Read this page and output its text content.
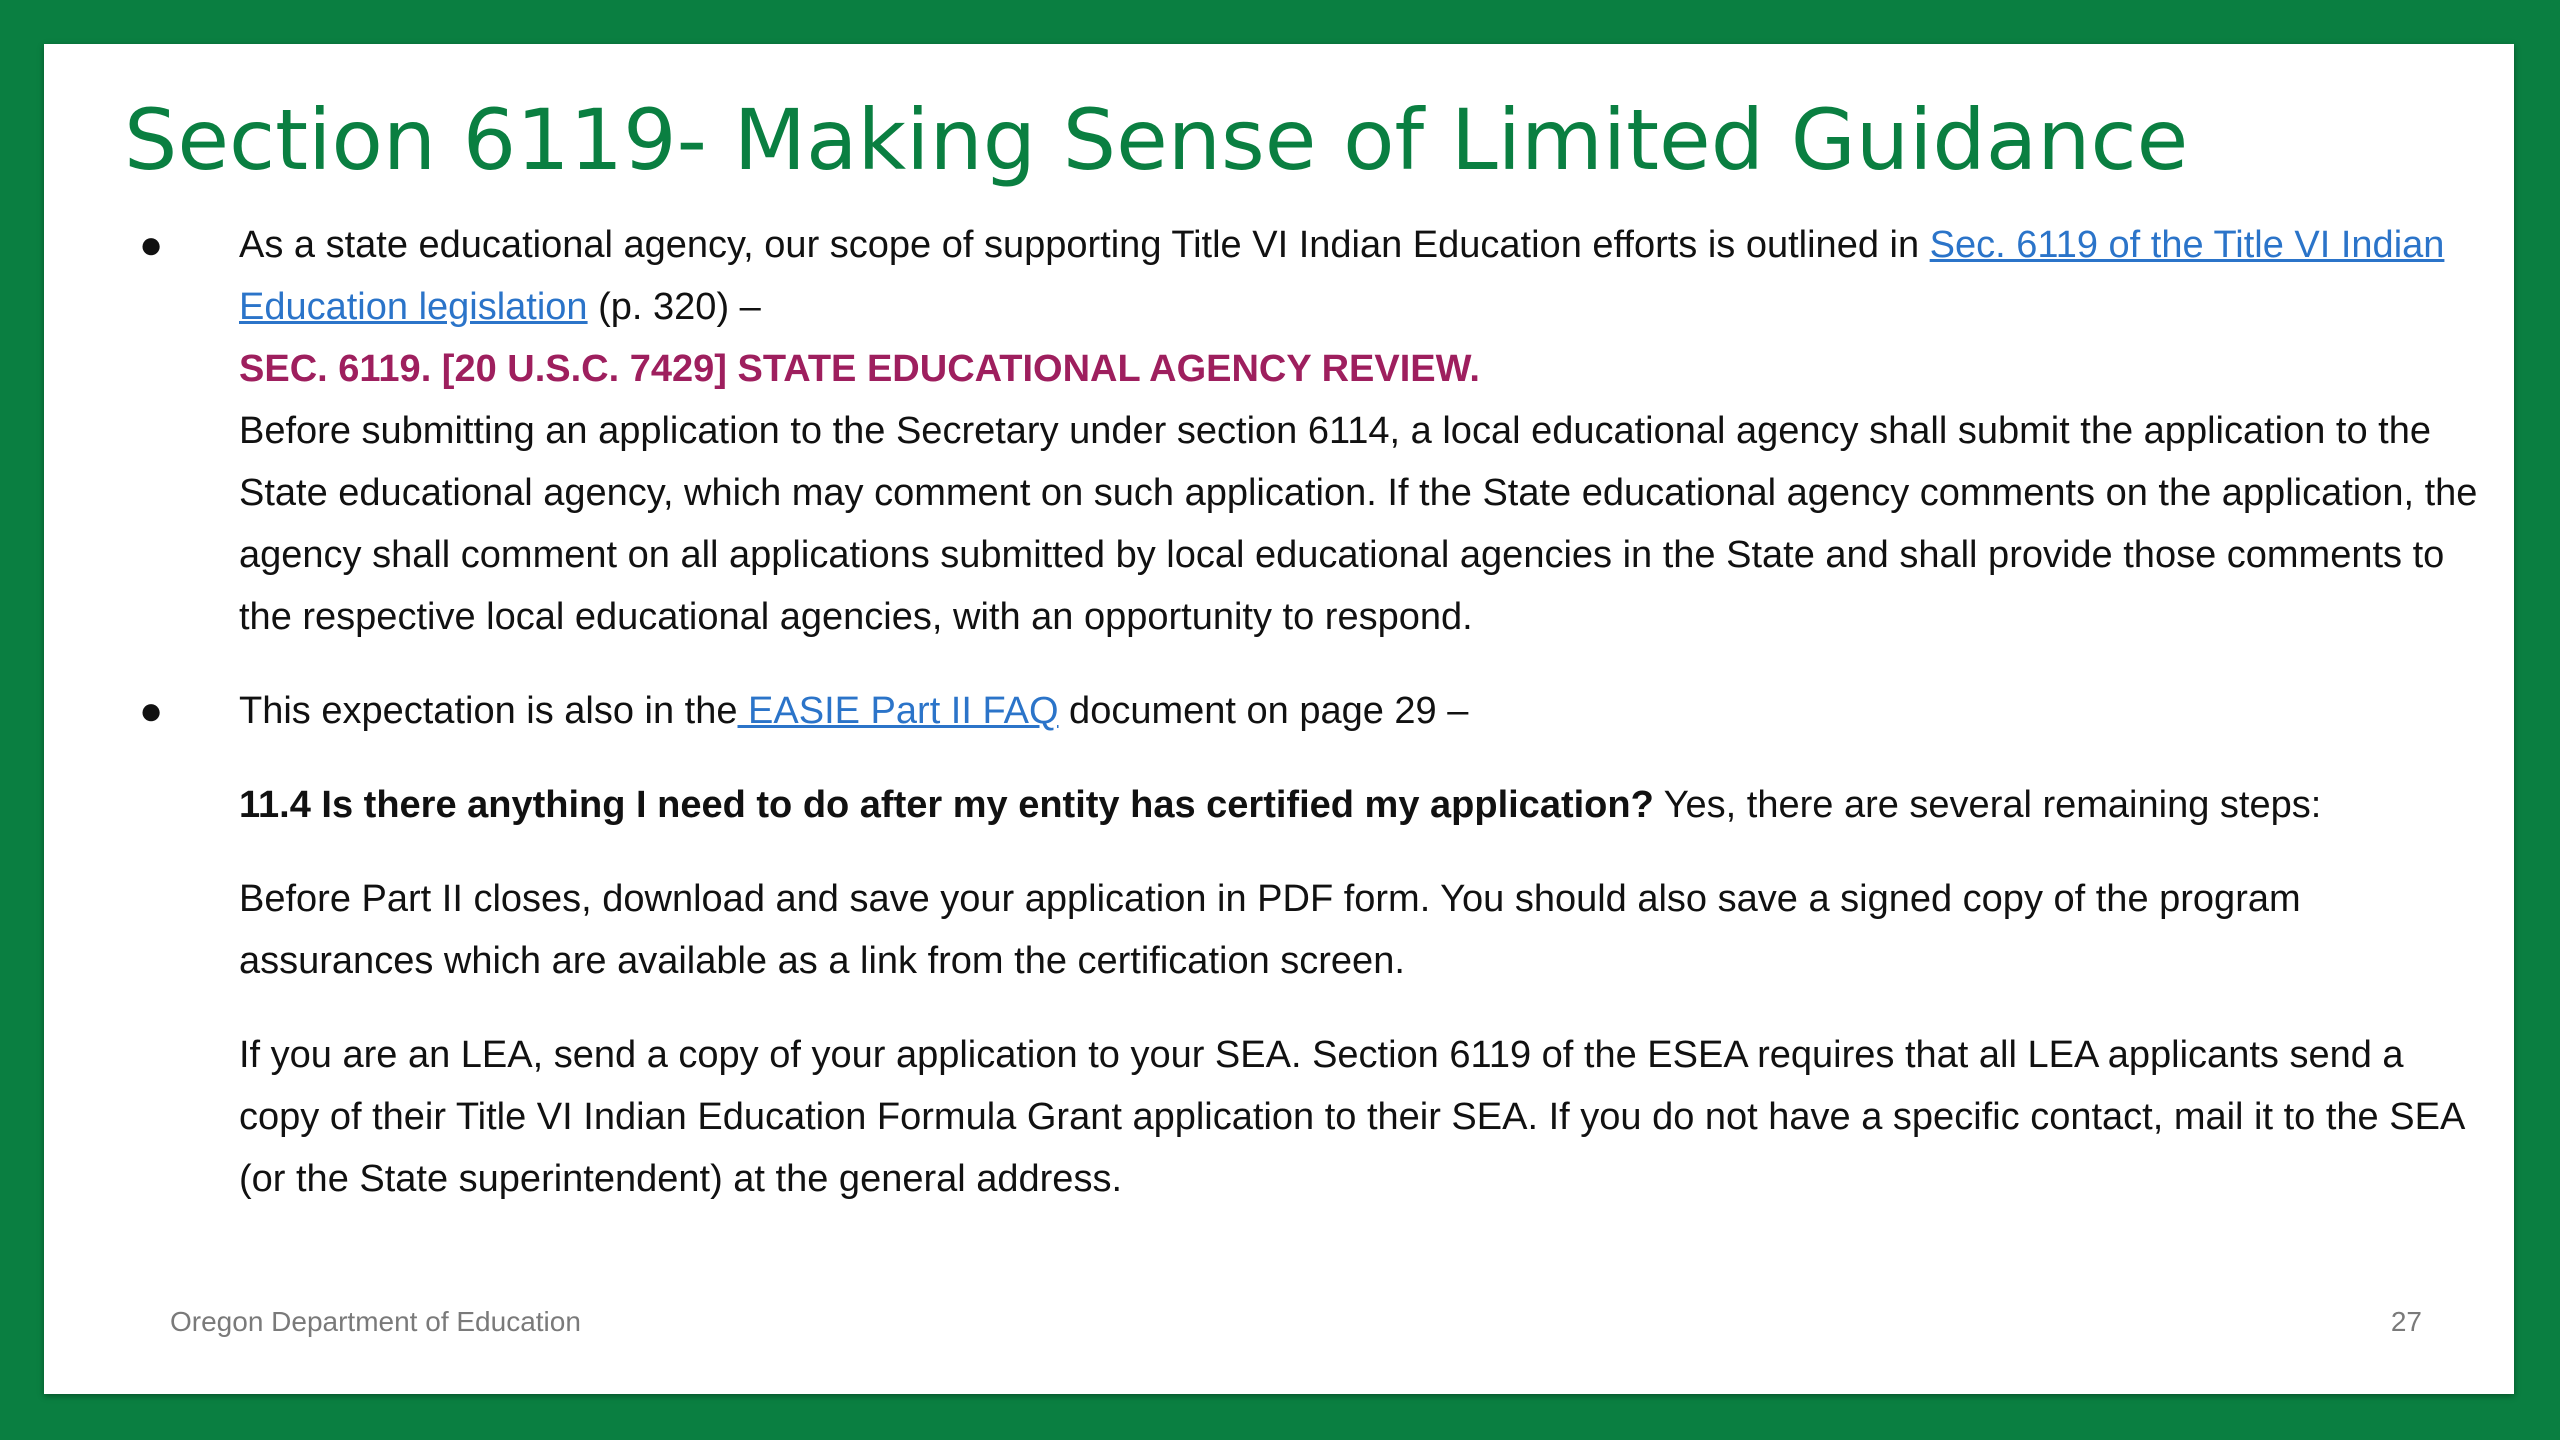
Section 6119- Making Sense of Limited Guidance
●	As a state educational agency, our scope of supporting Title VI Indian Education efforts is outlined in Sec. 6119 of the Title VI Indian Education legislation (p. 320) –

SEC. 6119. [20 U.S.C. 7429] STATE EDUCATIONAL AGENCY REVIEW.

Before submitting an application to the Secretary under section 6114, a local educational agency shall submit the application to the State educational agency, which may comment on such application. If the State educational agency comments on the application, the agency shall comment on all applications submitted by local educational agencies in the State and shall provide those comments to the respective local educational agencies, with an opportunity to respond.

●	This expectation is also in the EASIE Part II FAQ document on page 29 –

11.4 Is there anything I need to do after my entity has certified my application? Yes, there are several remaining steps:

Before Part II closes, download and save your application in PDF form. You should also save a signed copy of the program assurances which are available as a link from the certification screen.

If you are an LEA, send a copy of your application to your SEA. Section 6119 of the ESEA requires that all LEA applicants send a copy of their Title VI Indian Education Formula Grant application to their SEA. If you do not have a specific contact, mail it to the SEA (or the State superintendent) at the general address.

Oregon Department of Education	27
